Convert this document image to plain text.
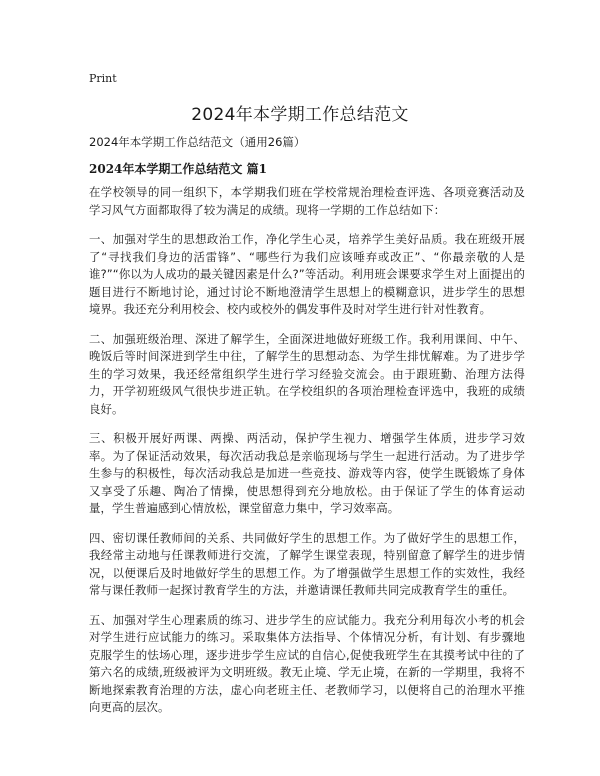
Print
2024年本学期工作总结范文
2024年本学期工作总结范文（通用26篇）
2024年本学期工作总结范文 篇1

在学校领导的同一组织下，本学期我们班在学校常规治理检查评选、各项竞赛活动及学习风气方面都取得了较为满足的成绩。现将一学期的工作总结如下：

一、加强对学生的思想政治工作，净化学生心灵，培养学生美好品质。我在班级开展了“寻找我们身边的活雷锋”、“哪些行为我们应该唾弃或改正”、“你最亲敬的人是谁?”“你以为人成功的最关键因素是什么?”等活动。利用班会课要求学生对上面提出的题目进行不断地讨论，通过讨论不断地澄清学生思想上的模糊意识，进步学生的思想境界。我还充分利用校会、校内或校外的偶发事件及时对学生进行针对性教育。

二、加强班级治理、深进了解学生，全面深进地做好班级工作。我利用课间、中午、晚饭后等时间深进到学生中往，了解学生的思想动态、为学生排忧解难。为了进步学生的学习效果，我还经常组织学生进行学习经验交流会。由于跟班勤、治理方法得力，开学初班级风气很快步进正轨。在学校组织的各项治理检查评选中，我班的成绩良好。

三、积极开展好两课、两操、两活动，保护学生视力、增强学生体质，进步学习效率。为了保证活动效果，每次活动我总是亲临现场与学生一起进行活动。为了进步学生参与的积极性，每次活动我总是加进一些竞技、游戏等内容，使学生既锻炼了身体又享受了乐趣、陶冶了情操，使思想得到充分地放松。由于保证了学生的体育运动量，学生普遍感到心情放松，课堂留意力集中，学习效率高。

四、密切课任教师间的关系、共同做好学生的思想工作。为了做好学生的思想工作，我经常主动地与任课教师进行交流，了解学生课堂表现，特别留意了解学生的进步情况，以便课后及时地做好学生的思想工作。为了增强做学生思想工作的实效性，我经常与课任教师一起探讨教育学生的方法，并邀请课任教师共同完成教育学生的重任。

五、加强对学生心理素质的练习、进步学生的应试能力。我充分利用每次小考的机会对学生进行应试能力的练习。采取集体方法指导、个体情况分析，有计划、有步骤地克服学生的怯场心理，逐步进步学生应试的自信心,促使我班学生在其摸考试中往的了第六名的成绩,班级被评为文明班级。教无止境、学无止境，在新的一学期里，我将不断地探索教育治理的方法，虚心向老班主任、老教师学习，以便将自己的治理水平推向更高的层次。
